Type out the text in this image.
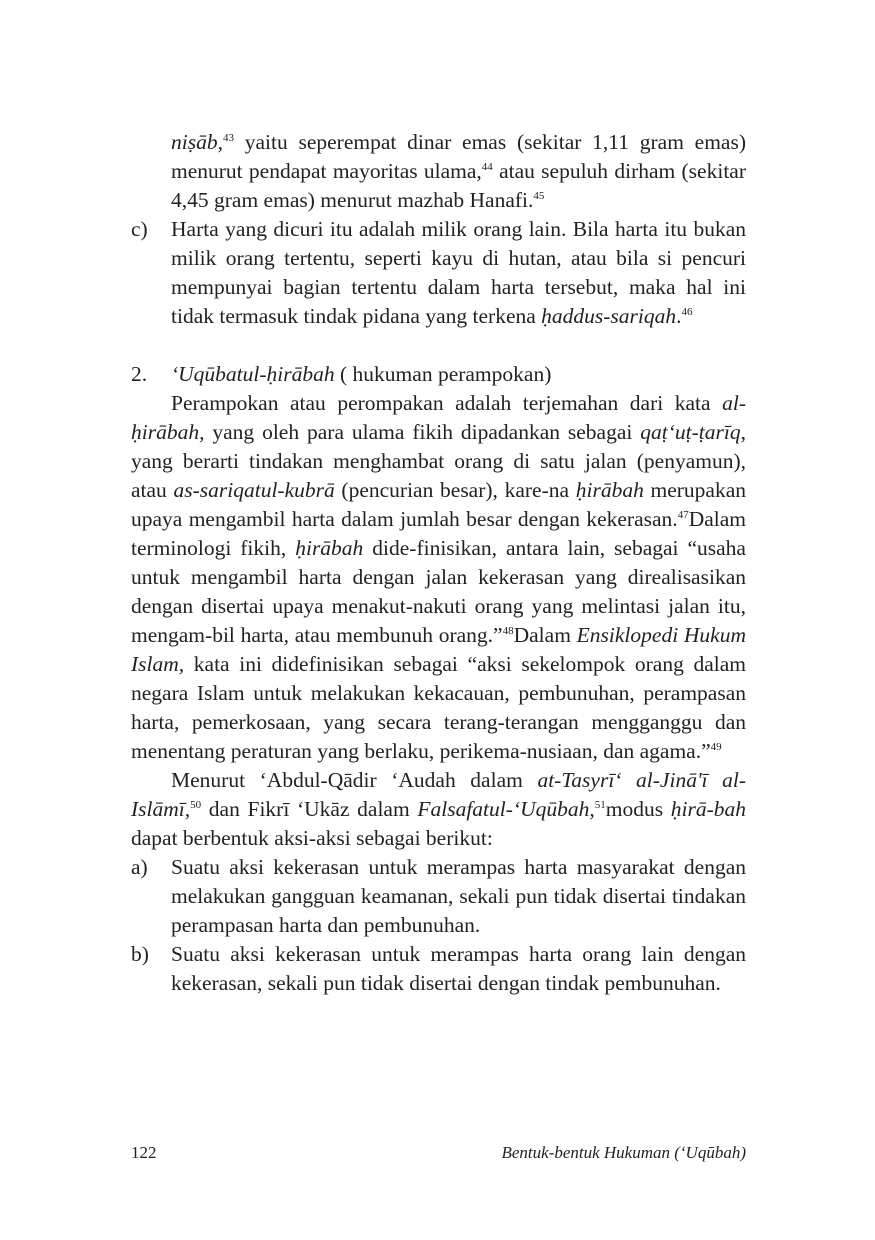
niṣāb,$^{43}$ yaitu seperempat dinar emas (sekitar 1,11 gram emas) menurut pendapat mayoritas ulama,$^{44}$ atau sepuluh dirham (sekitar 4,45 gram emas) menurut mazhab Hanafi.$^{45}$

c) Harta yang dicuri itu adalah milik orang lain. Bila harta itu bukan milik orang tertentu, seperti kayu di hutan, atau bila si pencuri mempunyai bagian tertentu dalam harta tersebut, maka hal ini tidak termasuk tindak pidana yang terkena ḥaddus-sariqah.$^{46}$

2. ʻUqūbatul-ḥirābah ( hukuman perampokan)

Perampokan atau perompakan adalah terjemahan dari kata al-ḥirābah, yang oleh para ulama fikih dipadankan sebagai qaṭ‘uṭ-ṭarīq, yang berarti tindakan menghambat orang di satu jalan (penyamun), atau as-sariqatul-kubrā (pencurian besar), kare-na ḥirābah merupakan upaya mengambil harta dalam jumlah besar dengan kekerasan.$^{47}$Dalam terminologi fikih, ḥirābah dide-finisikan, antara lain, sebagai “usaha untuk mengambil harta dengan jalan kekerasan yang direalisasikan dengan disertai upaya menakut-nakuti orang yang melintasi jalan itu, mengam-bil harta, atau membunuh orang.”$^{48}$Dalam Ensiklopedi Hukum Islam, kata ini didefinisikan sebagai “aksi sekelompok orang dalam negara Islam untuk melakukan kekacauan, pembunuhan, perampasan harta, pemerkosaan, yang secara terang-terangan mengganggu dan menentang peraturan yang berlaku, perikema-nusiaan, dan agama.”$^{49}$

Menurut ‘Abdul-Qādir ‘Audah dalam at-Tasyrī‘ al-Jinā'ī al-Islāmī,$^{50}$ dan Fikrī ‘Ukāz dalam Falsafatul-ʻUqūbah,$^{51}$modus ḥirā-bah dapat berbentuk aksi-aksi sebagai berikut:

a) Suatu aksi kekerasan untuk merampas harta masyarakat dengan melakukan gangguan keamanan, sekali pun tidak disertai tindakan perampasan harta dan pembunuhan.

b) Suatu aksi kekerasan untuk merampas harta orang lain dengan kekerasan, sekali pun tidak disertai dengan tindak pembunuhan.

122	Bentuk-bentuk Hukuman (ʻUqūbah)
